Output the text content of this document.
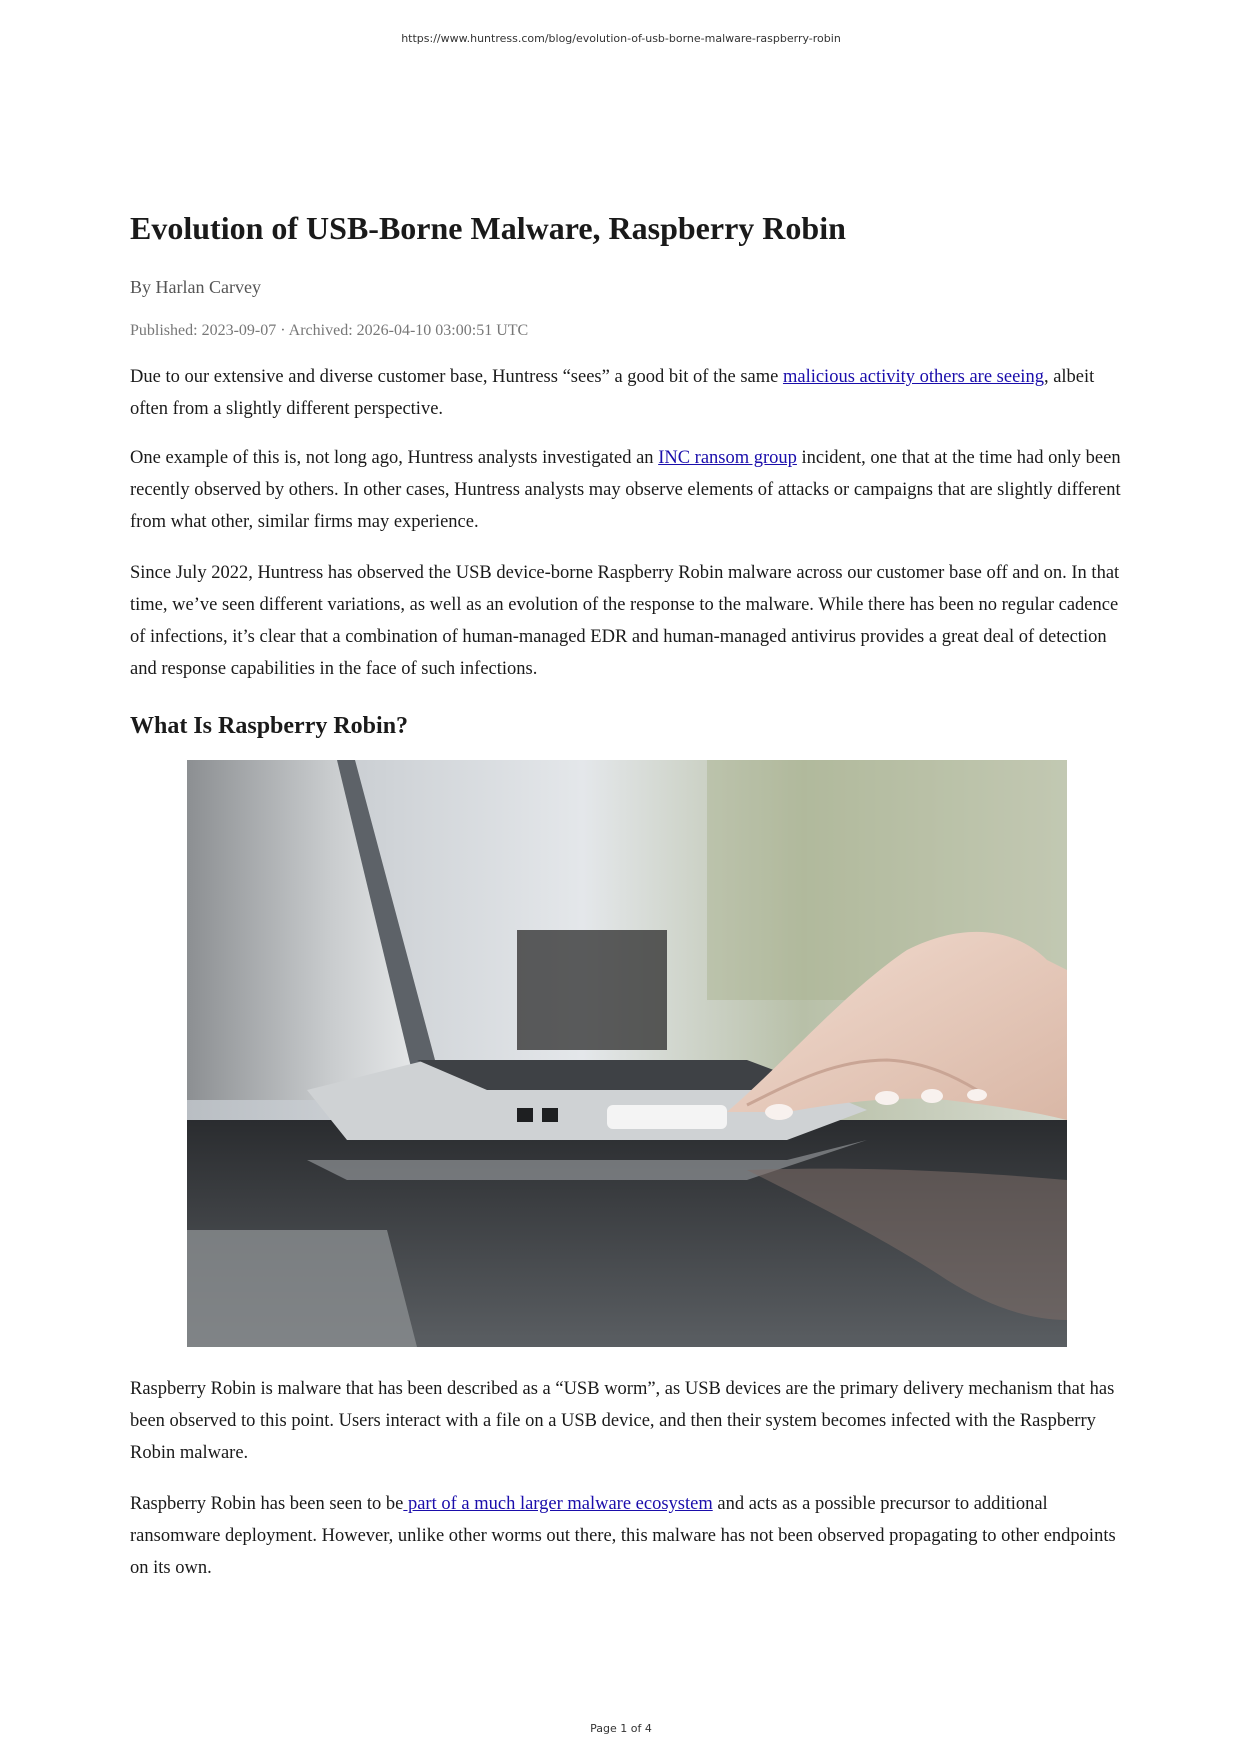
https://www.huntress.com/blog/evolution-of-usb-borne-malware-raspberry-robin
Evolution of USB-Borne Malware, Raspberry Robin
By Harlan Carvey
Published: 2023-09-07 · Archived: 2026-04-10 03:00:51 UTC

Due to our extensive and diverse customer base, Huntress “sees” a good bit of the same malicious activity others are seeing, albeit often from a slightly different perspective.

One example of this is, not long ago, Huntress analysts investigated an INC ransom group incident, one that at the time had only been recently observed by others. In other cases, Huntress analysts may observe elements of attacks or campaigns that are slightly different from what other, similar firms may experience.

Since July 2022, Huntress has observed the USB device-borne Raspberry Robin malware across our customer base off and on. In that time, we’ve seen different variations, as well as an evolution of the response to the malware. While there has been no regular cadence of infections, it’s clear that a combination of human-managed EDR and human-managed antivirus provides a great deal of detection and response capabilities in the face of such infections.

What Is Raspberry Robin?

Raspberry Robin is malware that has been described as a “USB worm”, as USB devices are the primary delivery mechanism that has been observed to this point. Users interact with a file on a USB device, and then their system becomes infected with the Raspberry Robin malware.

Raspberry Robin has been seen to be part of a much larger malware ecosystem and acts as a possible precursor to additional ransomware deployment. However, unlike other worms out there, this malware has not been observed propagating to other endpoints on its own.

Page 1 of 4
